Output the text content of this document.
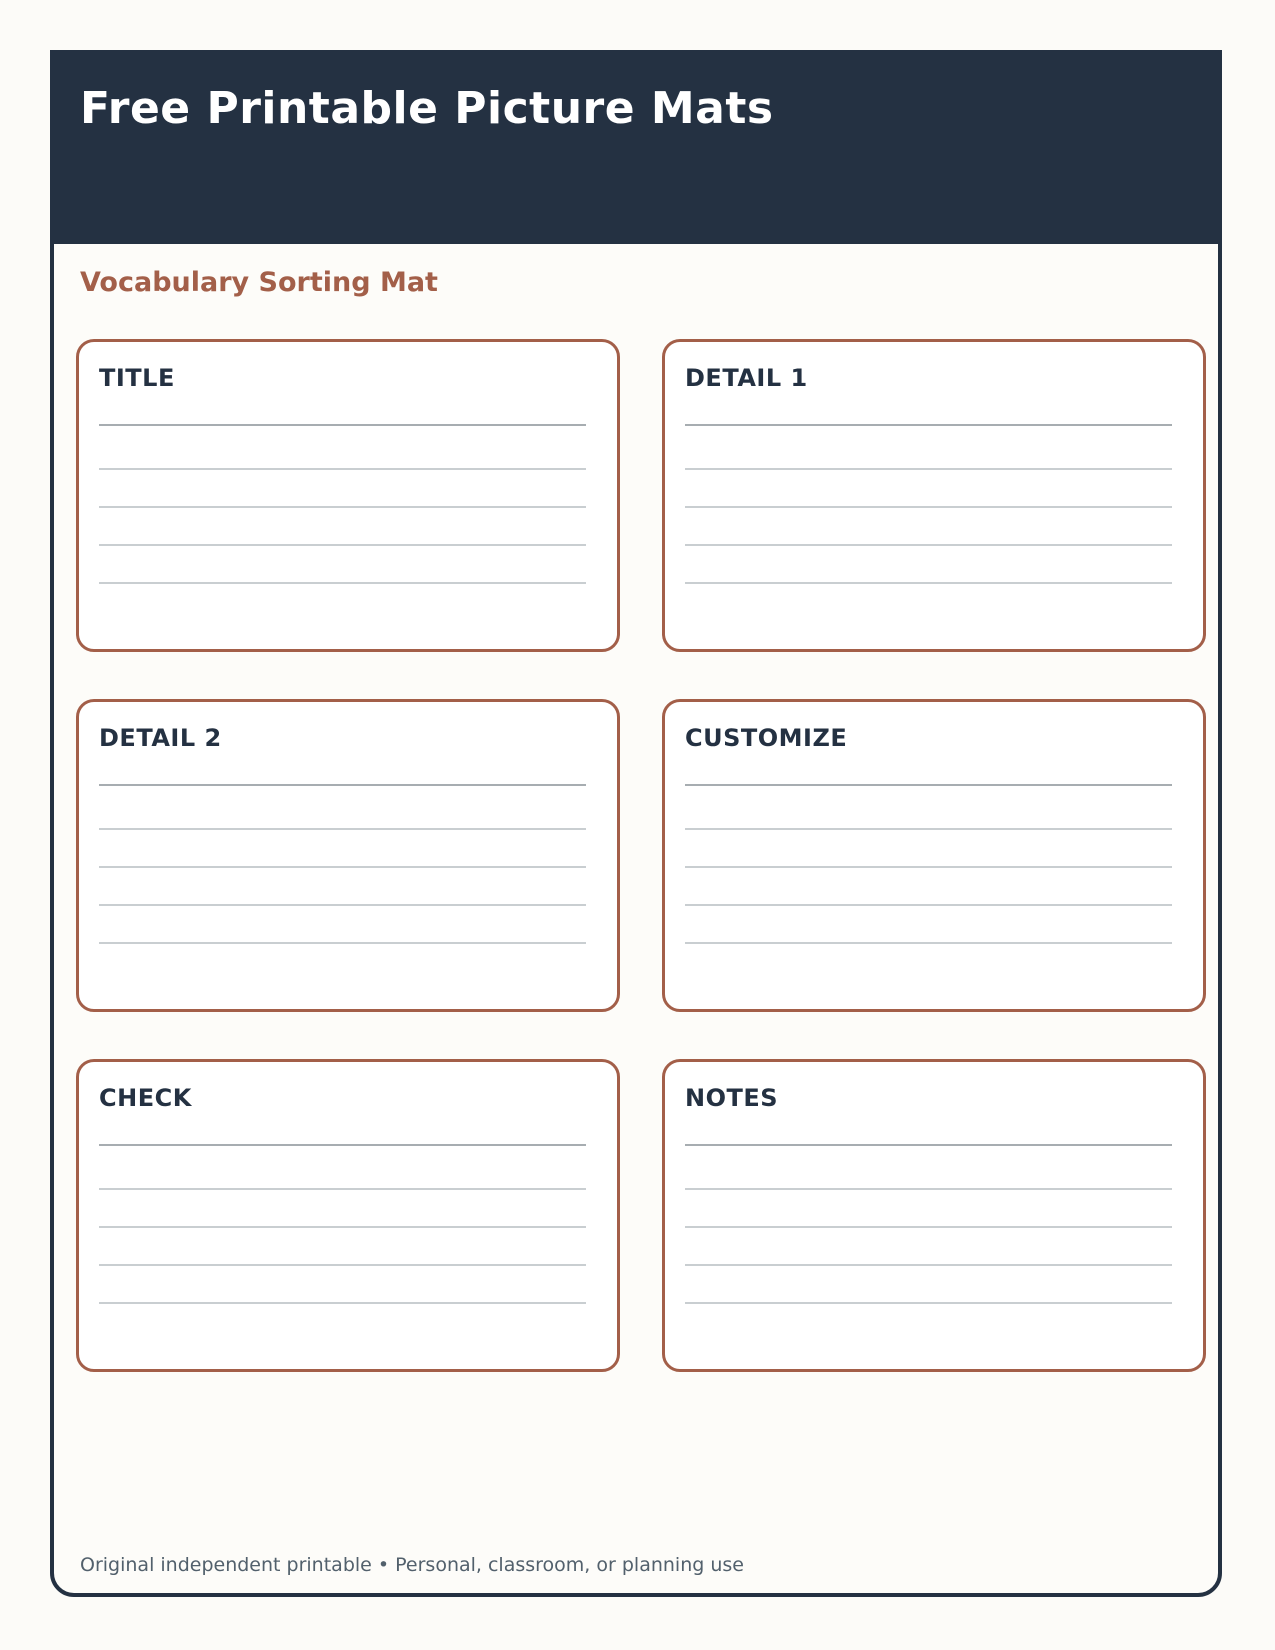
Free Printable Picture Mats
Vocabulary Sorting Mat
TITLE	DETAIL 1
DETAIL 2	CUSTOMIZE
CHECK	NOTES

Original independent printable • Personal, classroom, or planning use
